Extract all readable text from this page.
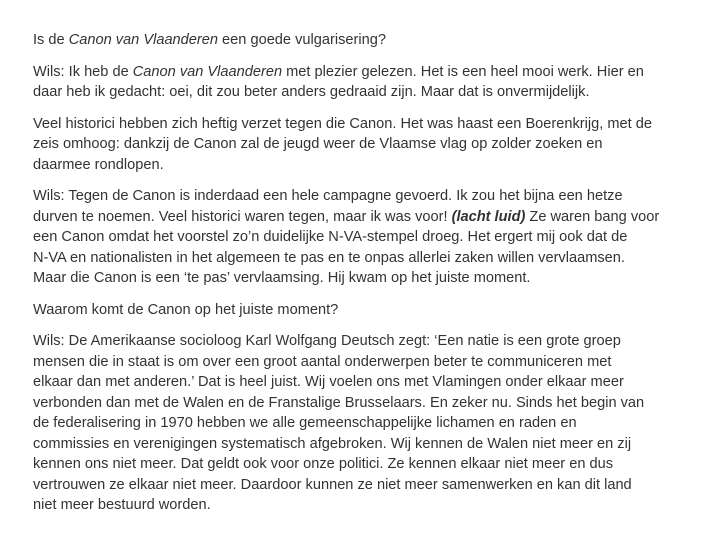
Is de Canon van Vlaanderen een goede vulgarisering?

Wils: Ik heb de Canon van Vlaanderen met plezier gelezen. Het is een heel mooi werk. Hier en
daar heb ik gedacht: oei, dit zou beter anders gedraaid zijn. Maar dat is onvermijdelijk.

Veel historici hebben zich heftig verzet tegen die Canon. Het was haast een Boerenkrijg, met de
zeis omhoog: dankzij de Canon zal de jeugd weer de Vlaamse vlag op zolder zoeken en
daarmee rondlopen.

Wils: Tegen de Canon is inderdaad een hele campagne gevoerd. Ik zou het bijna een hetze
durven te noemen. Veel historici waren tegen, maar ik was voor! (lacht luid) Ze waren bang voor
een Canon omdat het voorstel zo’n duidelijke N-VA-stempel droeg. Het ergert mij ook dat de
N-VA en nationalisten in het algemeen te pas en te onpas allerlei zaken willen vervlaamsen.
Maar die Canon is een ‘te pas’ vervlaamsing. Hij kwam op het juiste moment.

Waarom komt de Canon op het juiste moment?

Wils: De Amerikaanse socioloog Karl Wolfgang Deutsch zegt: ‘Een natie is een grote groep
mensen die in staat is om over een groot aantal onderwerpen beter te communiceren met
elkaar dan met anderen.’ Dat is heel juist. Wij voelen ons met Vlamingen onder elkaar meer
verbonden dan met de Walen en de Franstalige Brusselaars. En zeker nu. Sinds het begin van
de federalisering in 1970 hebben we alle gemeenschappelijke lichamen en raden en
commissies en verenigingen systematisch afgebroken. Wij kennen de Walen niet meer en zij
kennen ons niet meer. Dat geldt ook voor onze politici. Ze kennen elkaar niet meer en dus
vertrouwen ze elkaar niet meer. Daardoor kunnen ze niet meer samenwerken en kan dit land
niet meer bestuurd worden.
